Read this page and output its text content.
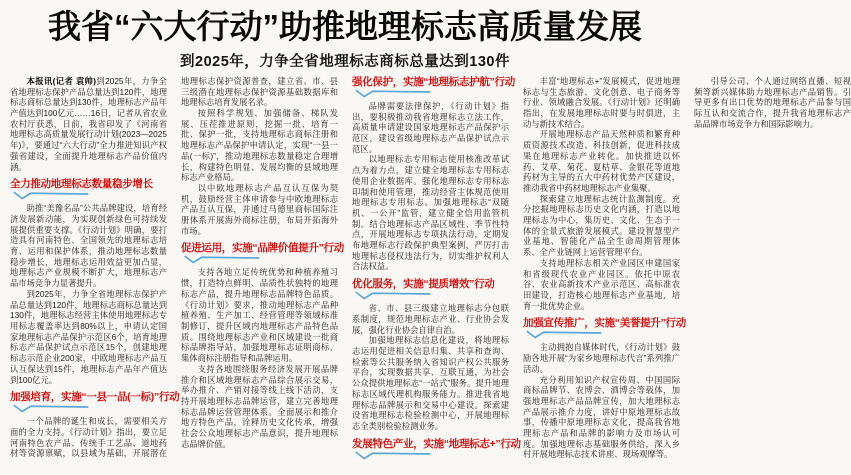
我省“六大行动”助推地理标志高质量发展

到2025年，力争全省地理标志商标总量达到130件

本报讯(记者 袁帅)到2025年，力争全省地理标志保护产品总量达到120件，地理标志商标总量达到130件，地理标志产品年产值达到100亿元……16日，记者从省农业农村厅获悉，日前，我省印发了《河南省地理标志高质量发展行动计划(2023—2025年)》，要通过“六大行动”全力推进知识产权强省建设，全面提升地理标志产品价值内涵。

全力推动地理标志数量稳步增长

助推“美豫名品”公共品牌建设，培育经济发展新动能，为实现创新绿色可持续发展提供重要支撑。《行动计划》明确，要打造具有河南特色、全国领先的地理标志培育、运用和保护体系，推动地理标志数量稳步增长，地理标志运用效益更加凸显，地理标志产业规模不断扩大，地理标志产品市场竞争力显著提升。

到2025年，力争全省地理标志保护产品总量达到120件，地理标志商标总量达到130件，地理标志经营主体使用地理标志专用标志覆盖率达到80%以上，申请认定国家地理标志产品保护示范区6个，培育地理标志产品保护试点示范区15个，创建地理标志示范企业200家，中欧地理标志产品互认互保达到15件，地理标志产品年产值达到100亿元。

加强培育，实施“一县一品(一标)”行动

一个品牌的诞生和成长，需要相关方面的全力支持。《行动计划》指出，要立足河南特色农产品、传统手工艺品、道地药材等资源禀赋，以县域为基础，开展潜在地理标志保护资源普查，建立省、市、县三级潜在地理标志保护资源基础数据库和地理标志培育发展名录。

按照科学规划、加强储备、梯队发展、压茬推进原则，挖掘一批、培育一批、保护一批，支持地理标志商标注册和地理标志产品保护申请认定，实现“一县一品(一标)”，推动地理标志数量稳定合理增长，构建特色明显、发展均衡的县域地理标志产业格局。

以中欧地理标志产品互认互保为契机，鼓励经营主体申请参与中欧地理标志产品互认互保，并通过马德里商标国际注册体系开展海外商标注册，布局开拓海外市场。

促进运用，实施“品牌价值提升”行动

支持各地立足传统优势和种植养殖习惯，打造特点鲜明、品质性状独特的地理标志产品，提升地理标志品牌特色品质。《行动计划》要求，推动地理标志产品种植养殖、生产加工、经营管理等领域标准制修订，提升区域内地理标志产品特色品质。围绕地理标志产业和区域建设一批商标品牌指导站，加强地理标志证明商标、集体商标注册指导和品牌运用。

支持各地围绕服务经济发展开展品牌推介和区域地理标志产品综合展示交易，举办推介、产销对接等线上线下活动，支持开展地理标志品牌运营，建立完善地理标志品牌运营管理体系。全面展示和推介地方特色产品，诠释历史文化传承，增强社会公众地理标志产品意识，提升地理标志品牌价值。

强化保护，实施“地理标志护航”行动

品牌需要法律保护，《行动计划》指出，要积极推动我省地理标志立法工作，高质量申请建设国家地理标志产品保护示范区，建设省级地理标志产品保护试点示范区。

以地理标志专用标志使用核准改革试点为着力点，建立健全地理标志专用标志使用企业数据库。强化地理标志专用标志印制和使用管理，推动经营主体规范使用地理标志专用标志。加强地理标志“双随机、一公开”监管，建立健全信用监管机制。结合地理标志产品区域性、季节性特点，开展地理标志专项执法行动，定期发布地理标志行政保护典型案例，严厉打击地理标志侵权违法行为，切实维护权利人合法权益。

优化服务，实施“提质增效”行动

省、市、县三级建立地理标志分包联系制度，规范地理标志产业、行业协会发展，强化行业协会自律自治。

加强地理标志信息化建设，将地理标志运用促进相关信息归集、共享和查询、检索等公共服务纳入省知识产权公共服务平台，实现数据共享、互联互通，为社会公众提供地理标志“一站式”服务。提升地理标志区域代理机构服务能力。推进我省地理标志品牌展示和交易中心建设。探索建设省地理标志检验检测中心，开展地理标志全类别检验检测业务。

发展特色产业，实施“地理标志+”行动

丰富“地理标志+”发展模式，促进地理标志与生态旅游、文化创意、电子商务等行业、领域融合发展。《行动计划》还明确指出，在发展地理标志时要与时俱进，主动与新技术结合。

开展地理标志产品天然种质和繁育种质资源技术改造、科技创新，促进科技成果在地理标志产业转化。加快推进以怀药、艾草、菊花、夏枯草、金银花等道地药材为主导的五大中药材优势产区建设，推动我省中药材地理标志产业集聚。

探索建立地理标志统计监测制度。充分挖掘地理标志历史文化内涵，打造以地理标志为中心，集历史、文化、生态于一体的全景式旅游发展模式。建设智慧型产业基地、智能化产品全生命周期管理体系、全产业链网上运营管理平台。

支持地理标志相关产业园区申建国家和省级现代农业产业园区。依托中原农谷、农业高新技术产业示范区、高标准农田建设，打造核心地理标志产业基地，培育一批优势企业。

加强宣传推广，实施“美誉提升”行动

主动拥抱自媒体时代，《行动计划》鼓励各地开展“为家乡地理标志代言”系列推广活动。

充分利用知识产权宣传周、中国国际商标品牌节、农博会、酒博会等载体，加强地理标志产品品牌宣传，加大地理标志产品展示推介力度，讲好中原地理标志故事，传播中原地理标志文化，提高我省地理标志产品和品牌的影响力及市场认可度。加强地理标志基础服务供给，深入乡村开展地理标志技术讲座、现场观摩等。

引导公司、个人通过网络直播、短视频等新兴媒体助力地理标志产品销售。引导更多有出口优势的地理标志产品参与国际互认和交流合作，提升我省地理标志产品品牌市场竞争力和国际影响力。
